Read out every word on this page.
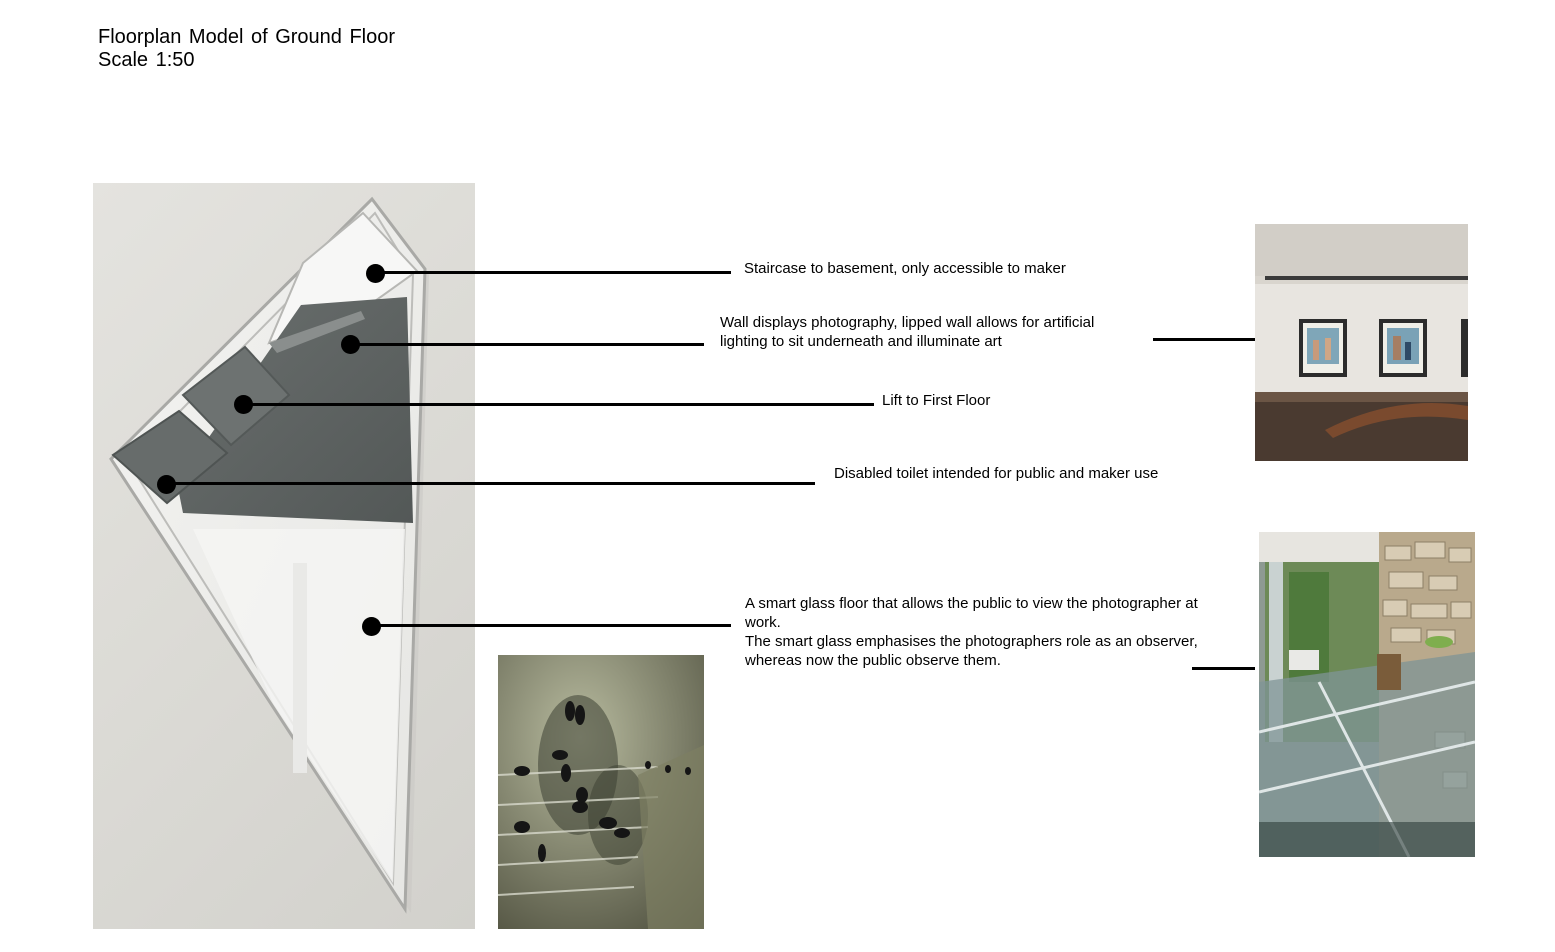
Floorplan Model of Ground Floor
Scale 1:50
Staircase to basement, only accessible to maker
Wall displays photography, lipped wall allows for artificial lighting to sit underneath and illuminate art
Lift to First Floor
Disabled toilet intended for public and maker use
A smart glass floor that allows the public to view the photographer at work.
The smart glass emphasises the photographers role as an observer, whereas now the public observe them.
